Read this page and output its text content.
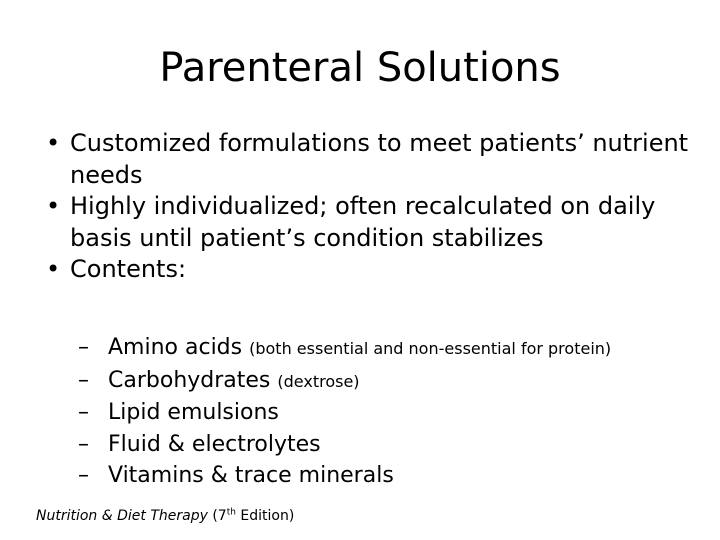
Parenteral Solutions
• Customized formulations to meet patients’ nutrient needs
• Highly individualized; often recalculated on daily basis until patient’s condition stabilizes
• Contents:
– Amino acids (both essential and non-essential for protein)
– Carbohydrates (dextrose)
– Lipid emulsions
– Fluid & electrolytes
– Vitamins & trace minerals
Nutrition & Diet Therapy (7th Edition)
